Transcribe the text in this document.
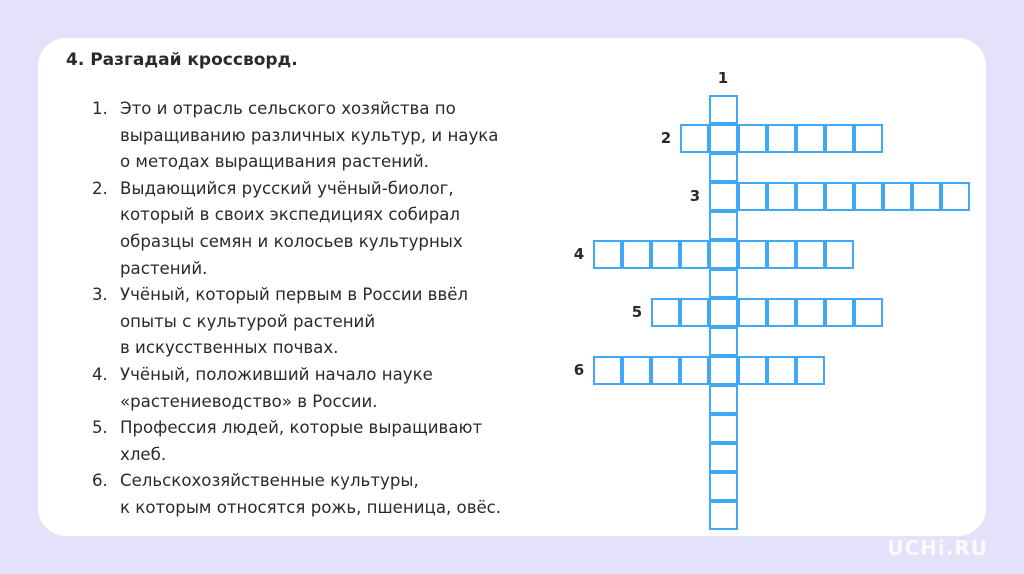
4. Разгадай кроссворд.
1. Это и отрасль сельского хозяйства по
выращиванию различных культур, и наука
о методах выращивания растений.
2. Выдающийся русский учёный-биолог,
который в своих экспедициях собирал
образцы семян и колосьев культурных
растений.
3. Учёный, который первым в России ввёл
опыты с культурой растений
в искусственных почвах.
4. Учёный, положивший начало науке
«растениеводство» в России.
5. Профессия людей, которые выращивают
хлеб.
6. Сельскохозяйственные культуры,
к которым относятся рожь, пшеница, овёс.
1
2
3
4
5
6
UCHi.RU
